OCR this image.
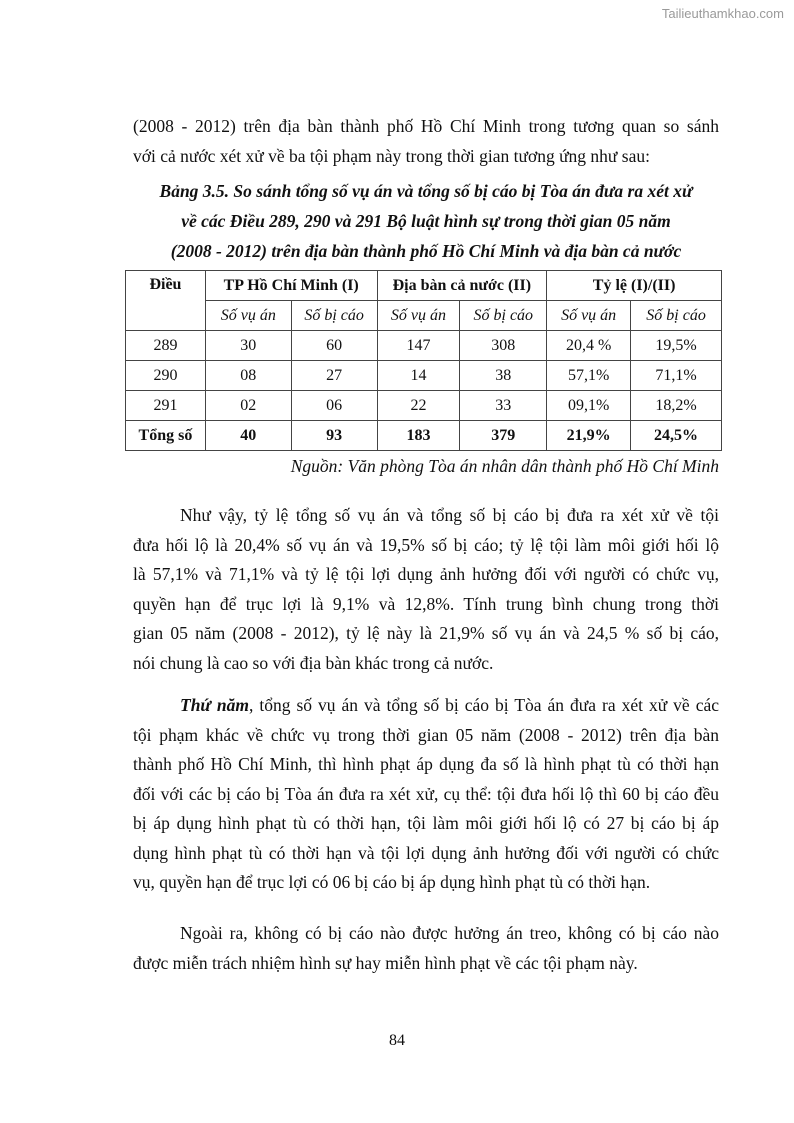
Tailieuthamkhao.com
(2008 - 2012) trên địa bàn thành phố Hồ Chí Minh trong tương quan so sánh
với cả nước xét xử về ba tội phạm này trong thời gian tương ứng như sau:
Bảng 3.5. So sánh tổng số vụ án và tổng số bị cáo bị Tòa án đưa ra xét xử
về các Điều 289, 290 và 291 Bộ luật hình sự trong thời gian 05 năm
(2008 - 2012) trên địa bàn thành phố Hồ Chí Minh và địa bàn cả nước
Điều	TP Hồ Chí Minh (I)		Địa bàn cả nước (II)		Tỷ lệ (I)/(II)	
	Số vụ án	Số bị cáo	Số vụ án	Số bị cáo	Số vụ án	Số bị cáo
289	30	60	147	308	20,4 %	19,5%
290	08	27	14	38	57,1%	71,1%
291	02	06	22	33	09,1%	18,2%
Tổng số	40	93	183	379	21,9%	24,5%
Nguồn: Văn phòng Tòa án nhân dân thành phố Hồ Chí Minh
Như vậy, tỷ lệ tổng số vụ án và tổng số bị cáo bị đưa ra xét xử về tội
đưa hối lộ là 20,4% số vụ án và 19,5% số bị cáo; tỷ lệ tội làm môi giới hối lộ
là 57,1% và 71,1% và tỷ lệ tội lợi dụng ảnh hưởng đối với người có chức vụ,
quyền hạn để trục lợi là 9,1% và 12,8%. Tính trung bình chung trong thời
gian 05 năm (2008 - 2012), tỷ lệ này là 21,9% số vụ án và 24,5 % số bị cáo,
nói chung là cao so với địa bàn khác trong cả nước.
Thứ năm, tổng số vụ án và tổng số bị cáo bị Tòa án đưa ra xét xử về các
tội phạm khác về chức vụ trong thời gian 05 năm (2008 - 2012) trên địa bàn
thành phố Hồ Chí Minh, thì hình phạt áp dụng đa số là hình phạt tù có thời hạn
đối với các bị cáo bị Tòa án đưa ra xét xử, cụ thể: tội đưa hối lộ thì 60 bị cáo đều
bị áp dụng hình phạt tù có thời hạn, tội làm môi giới hối lộ có 27 bị cáo bị áp
dụng hình phạt tù có thời hạn và tội lợi dụng ảnh hưởng đối với người có chức
vụ, quyền hạn để trục lợi có 06 bị cáo bị áp dụng hình phạt tù có thời hạn.
Ngoài ra, không có bị cáo nào được hưởng án treo, không có bị cáo nào
được miễn trách nhiệm hình sự hay miễn hình phạt về các tội phạm này.
84
